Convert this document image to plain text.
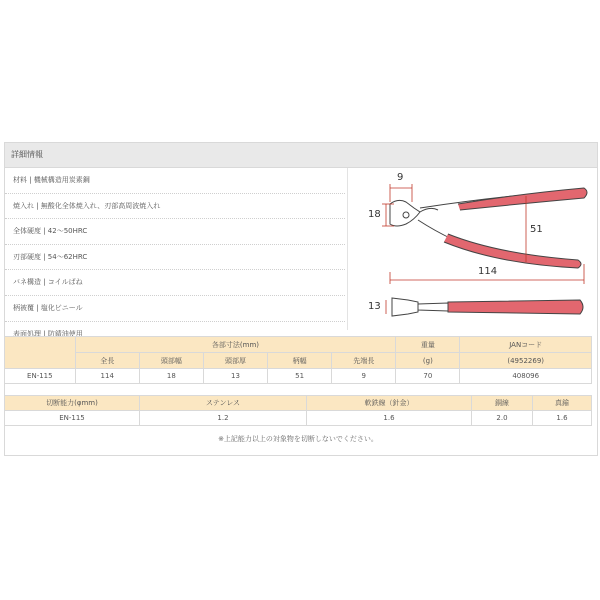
詳細情報
材料 | 機械構造用炭素鋼
焼入れ | 無酸化全体焼入れ、刃部高周波焼入れ
全体硬度 | 42〜50HRC
刃部硬度 | 54〜62HRC
バネ構造 | コイルばね
柄被覆 | 塩化ビニール
表面処理 | 防錆油使用
9
18
51
114
13
	各部寸法(mm)					重量	JANコード
	全長	頭部幅	頭部厚	柄幅	先端長	(g)	(4952269)
EN-115	114	18	13	51	9	70	408096
切断能力(φmm)	ステンレス	軟鉄線（針金）	銅線	真鍮
EN-115	1.2	1.6	2.0	1.6
※上記能力以上の対象物を切断しないでください。
